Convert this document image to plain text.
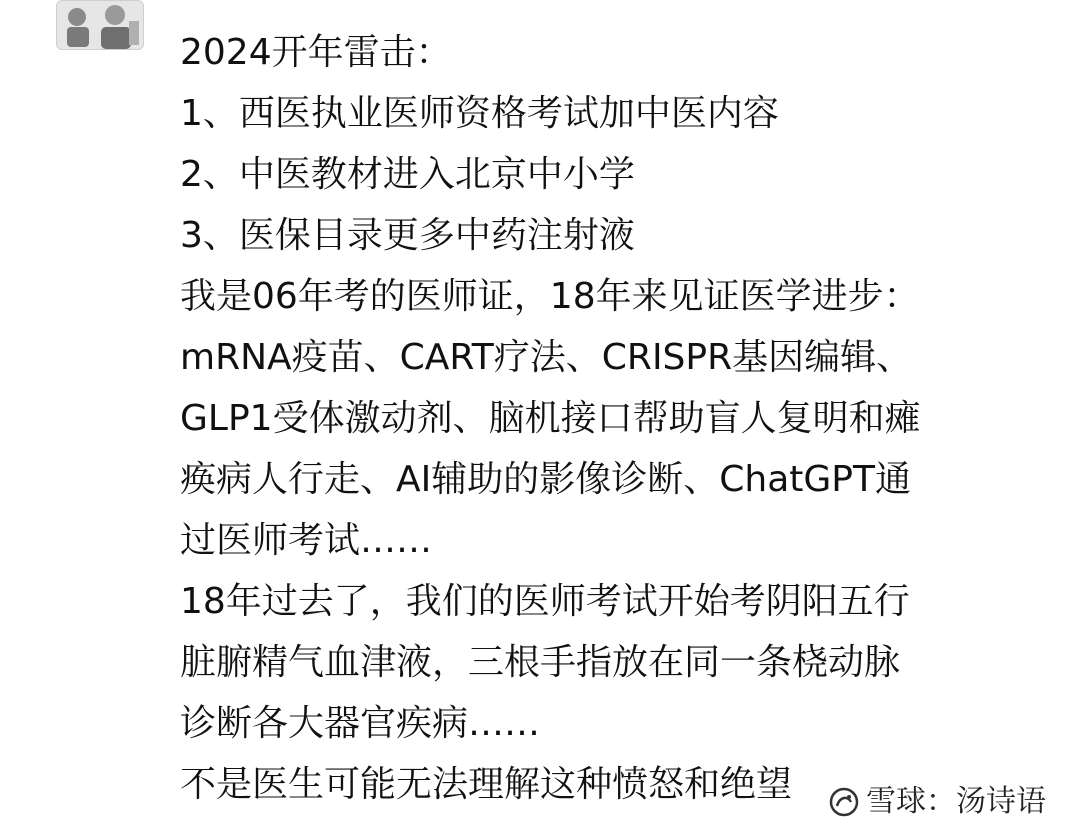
2024开年雷击：
1、西医执业医师资格考试加中医内容
2、中医教材进入北京中小学
3、医保目录更多中药注射液
我是06年考的医师证，18年来见证医学进步：
mRNA疫苗、CART疗法、CRISPR基因编辑、
GLP1受体激动剂、脑机接口帮助盲人复明和瘫
痪病人行走、AI辅助的影像诊断、ChatGPT通
过医师考试……
18年过去了，我们的医师考试开始考阴阳五行
脏腑精气血津液，三根手指放在同一条桡动脉
诊断各大器官疾病……
不是医生可能无法理解这种愤怒和绝望	雪球：汤诗语
